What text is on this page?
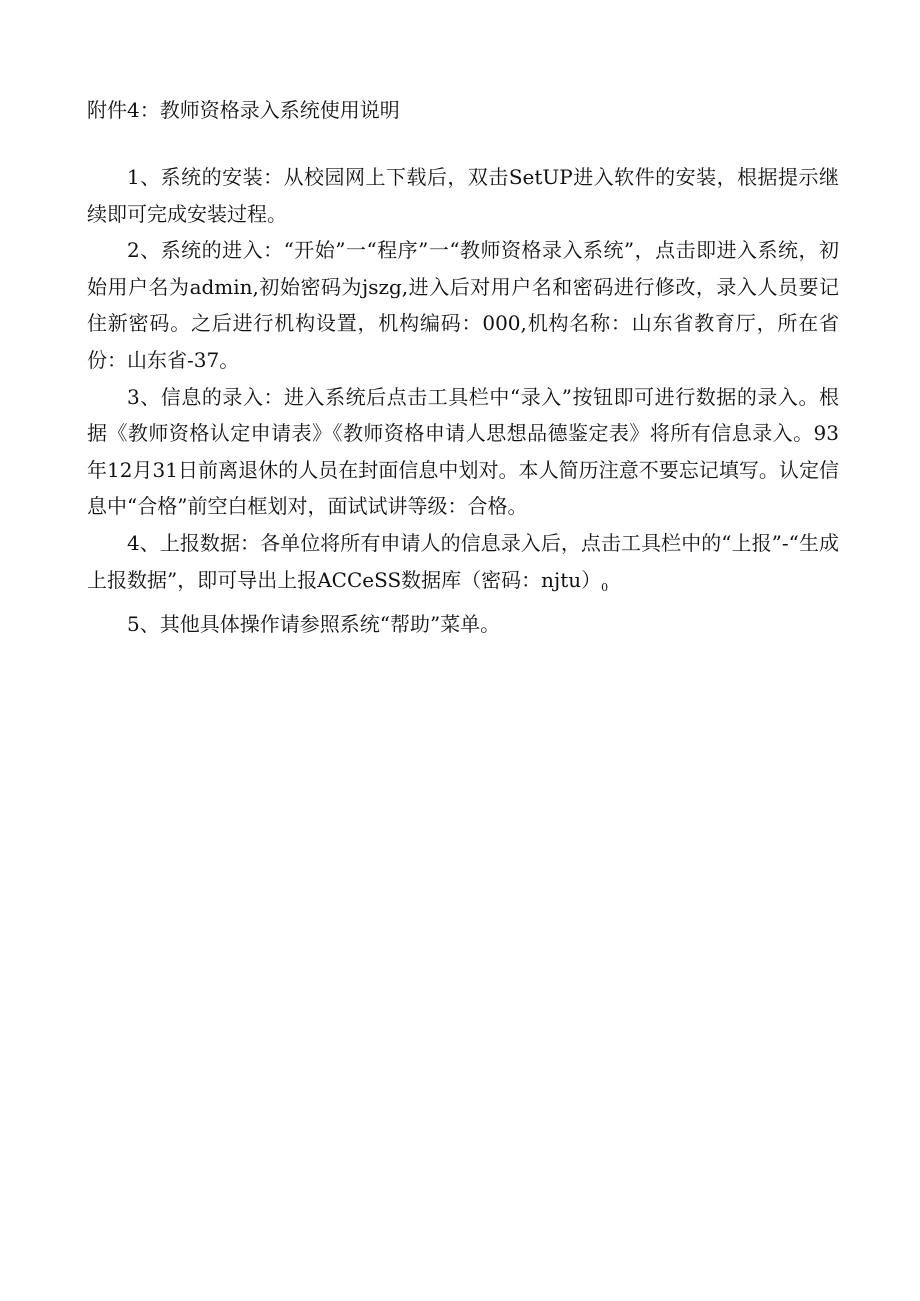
附件4：教师资格录入系统使用说明

1、系统的安装：从校园网上下载后，双击SetUP进入软件的安装，根据提示继续即可完成安装过程。

2、系统的进入：“开始”一“程序”一“教师资格录入系统”，点击即进入系统，初始用户名为admin,初始密码为jszg,进入后对用户名和密码进行修改，录入人员要记住新密码。之后进行机构设置，机构编码：000,机构名称：山东省教育厅，所在省份：山东省-37。

3、信息的录入：进入系统后点击工具栏中“录入”按钮即可进行数据的录入。根据《教师资格认定申请表》《教师资格申请人思想品德鉴定表》将所有信息录入。93年12月31日前离退休的人员在封面信息中划对。本人简历注意不要忘记填写。认定信息中“合格”前空白框划对，面试试讲等级：合格。

4、上报数据：各单位将所有申请人的信息录入后，点击工具栏中的“上报”-“生成上报数据”，即可导出上报ACCeSS数据库（密码：$njtu)_0$

5、其他具体操作请参照系统“帮助”菜单。
